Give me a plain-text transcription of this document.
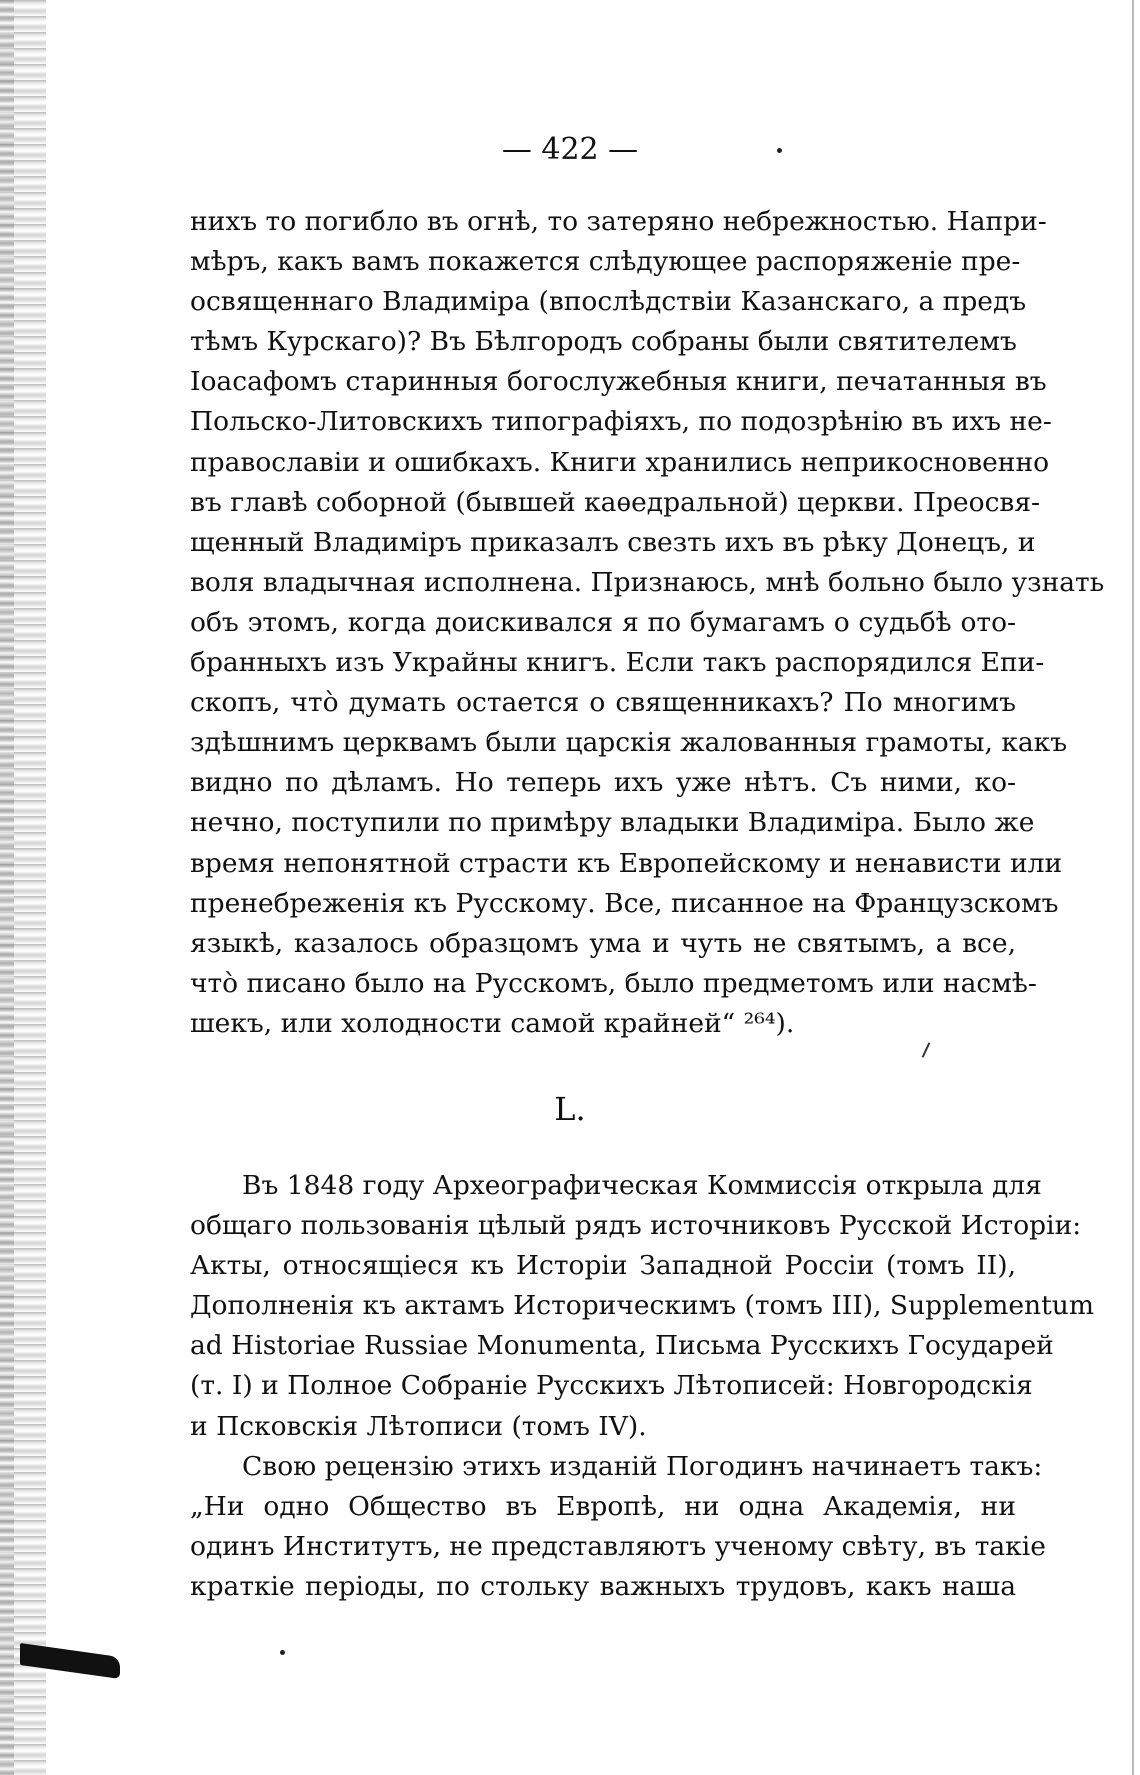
— 422 —
нихъ то погибло въ огнѣ, то затеряно небрежностью. Напри-
мѣръ, какъ вамъ покажется слѣдующее распоряженіе пре-
освященнаго Владиміра (впослѣдствіи Казанскаго, а предъ
тѣмъ Курскаго)? Въ Бѣлгородъ собраны были святителемъ
Іоасафомъ старинныя богослужебныя книги, печатанныя въ
Польско-Литовскихъ типографіяхъ, по подозрѣнію въ ихъ не-
православіи и ошибкахъ. Книги хранились неприкосновенно
въ главѣ соборной (бывшей каѳедральной) церкви. Преосвя-
щенный Владиміръ приказалъ свезть ихъ въ рѣку Донецъ, и
воля владычная исполнена. Признаюсь, мнѣ больно было узнать
объ этомъ, когда доискивался я по бумагамъ о судьбѣ ото-
бранныхъ изъ Украйны книгъ. Если такъ распорядился Епи-
скопъ, что̀ думать остается о священникахъ? По многимъ
здѣшнимъ церквамъ были царскія жалованныя грамоты, какъ
видно по дѣламъ. Но теперь ихъ уже нѣтъ. Съ ними, ко-
нечно, поступили по примѣру владыки Владиміра. Было же
время непонятной страсти къ Европейскому и ненависти или
пренебреженія къ Русскому. Все, писанное на Французскомъ
языкѣ, казалось образцомъ ума и чуть не святымъ, а все,
что̀ писано было на Русскомъ, было предметомъ или насмѣ-
шекъ, или холодности самой крайней“ ²⁶⁴).
L.
Въ 1848 году Археографическая Коммиссія открыла для
общаго пользованія цѣлый рядъ источниковъ Русской Исторіи:
Акты, относящіеся къ Исторіи Западной Россіи (томъ II),
Дополненія къ актамъ Историческимъ (томъ III), Supplementum
ad Historiae Russiae Monumenta, Письма Русскихъ Государей
(т. I) и Полное Собраніе Русскихъ Лѣтописей: Новгородскія
и Псковскія Лѣтописи (томъ IV).
Свою рецензію этихъ изданій Погодинъ начинаетъ такъ:
„Ни одно Общество въ Европѣ, ни одна Академія, ни
одинъ Институтъ, не представляютъ ученому свѣту, въ такіе
краткіе періоды, по стольку важныхъ трудовъ, какъ наша
